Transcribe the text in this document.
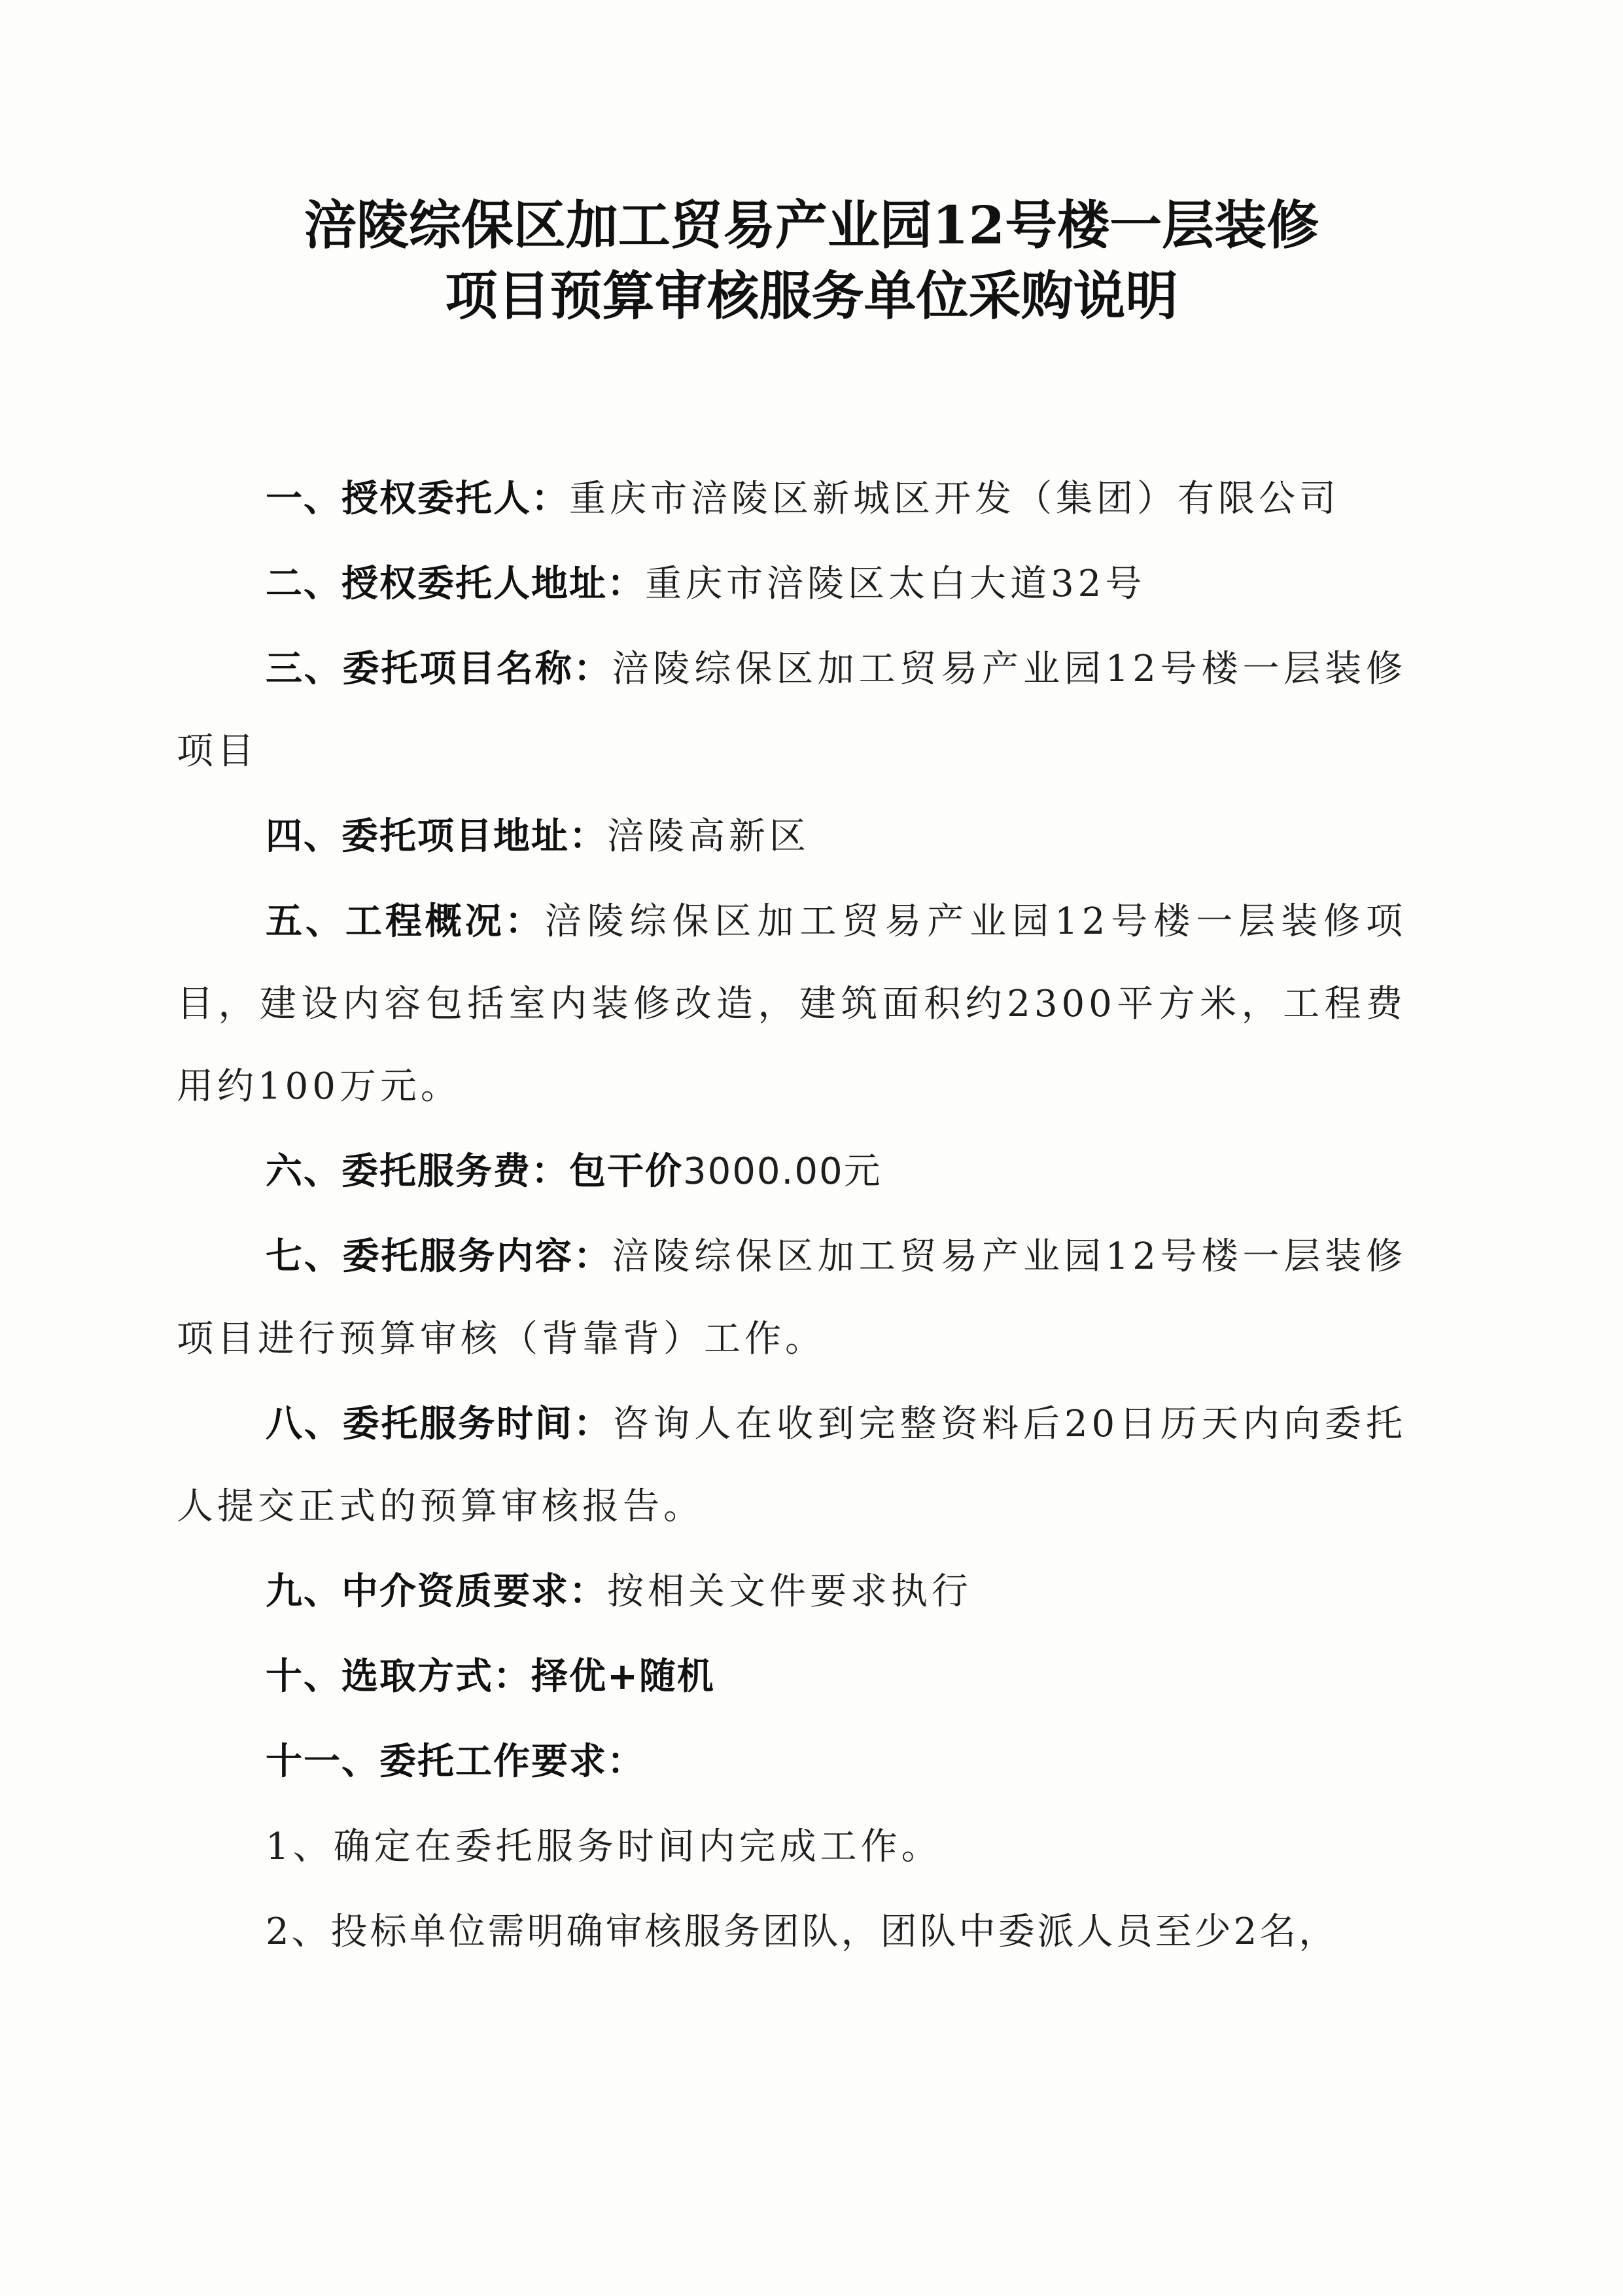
涪陵综保区加工贸易产业园12号楼一层装修
项目预算审核服务单位采购说明

一、授权委托人：重庆市涪陵区新城区开发（集团）有限公司

二、授权委托人地址：重庆市涪陵区太白大道32号

三、委托项目名称：涪陵综保区加工贸易产业园12号楼一层装修项目

四、委托项目地址：涪陵高新区

五、工程概况：涪陵综保区加工贸易产业园12号楼一层装修项目，建设内容包括室内装修改造，建筑面积约2300平方米，工程费用约100万元。

六、委托服务费：包干价3000.00元

七、委托服务内容：涪陵综保区加工贸易产业园12号楼一层装修项目进行预算审核（背靠背）工作。

八、委托服务时间：咨询人在收到完整资料后20日历天内向委托人提交正式的预算审核报告。

九、中介资质要求：按相关文件要求执行

十、选取方式：择优+随机

十一、委托工作要求：

1、确定在委托服务时间内完成工作。

2、投标单位需明确审核服务团队，团队中委派人员至少2名，
